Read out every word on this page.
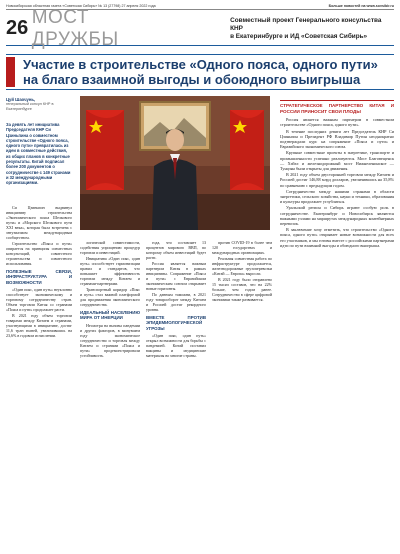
Новосибирская областная газета «Советская Сибирь» № 13 (27798) 27 апреля 2022 года	Больше новостей на www.sovsibir.ru
26 МОСТ ДРУЖБЫ
Совместный проект Генерального консульства КНР
в Екатеринбурге и ИД «Советская Сибирь»
Участие в строительстве «Одного пояса, одного пути»
на благо взаимной выгоды и обоюдного выигрыша
Цуй Шаочунь,
генеральный консул КНР в Екатеринбурге
За девять лет инициатива Председателя КНР Си Цзиньпина о совместном строительстве «Одного пояса, одного пути» превратилась из идеи в совместные действия, из общих планов в конкретные результаты. Китай подписал более 200 документов о сотрудничестве с 149 странами и 32 международными организациями.

Си Цзиньпин выдвинул инициативу строительства «Экономического пояса Шелкового пути» и «Морского Шелкового пути XXI века», которая была встречена с энтузиазмом международным сообществом.

Строительство «Пояса и пути» опирается на принципы совместных консультаций, совместного строительства и совместного использования.

ПОЛЕЗНЫЕ СВЯЗИ, ИНФРАСТРУКТУРА И ВОЗМОЖНОСТИ

«Один пояс, один путь» неуклонно способствует экономическому и торговому сотрудничеству стран. Объем торговли Китая со странами «Пояса и пути» продолжает расти.

В 2021 году объем торговли товарами между Китаем и странами, участвующими в инициативе, достиг 11,6 трлн юаней, увеличившись на 23,6% в годовом исчислении.

логической совместимости, содействия упрощению процедур торговли и инвестиций.

Инициатива «Один пояс, один путь» способствует гармонизации правил и стандартов, что повышает эффективность торговли между Китаем и странами-партнерами.

Транспортный коридор «Пояс и путь» стал важной платформой для продвижения экономического сотрудничества.

ИДЕАЛЬНЫЙ НАСЕЛЕНИЮ МИРА ОТ ИНЕРЦИИ

Несмотря на вызовы пандемии и других факторов, в минувшем году экономическое сотрудничество и торговля между Китаем и странами «Пояса и пути» продемонстрировали устойчивость.

года, что составляет 13 процентов мирового ВВП, по которому объем инвестиций будет расти.

Россия является важным партнером Китая в рамках инициативы. Сопряжение «Пояса и пути» с Евразийским экономическим союзом открывает новые горизонты.

По данным таможни, в 2021 году товарооборот между Китаем и Россией достиг рекордного уровня.

ВМЕСТЕ ПРОТИВ ЭПИДЕМИОЛОГИЧЕСКОЙ УГРОЗЫ

«Один пояс, один путь» открыл возможности для борьбы с пандемией. Китай поставил вакцины и медицинские материалы во многие страны.

против COVID-19 в более чем 120 государствах и международных организациях.

Реальная совместная работа по инфраструктуре продолжается, железнодорожные грузоперевозки «Китай — Европа» выросли.

В 2021 году было отправлено 15 тысяч составов, что на 22% больше, чем годом ранее. Сотрудничество в сфере цифровой экономики также развивается.

СТРАТЕГИЧЕСКОЕ ПАРТНЕРСТВО КИТАЯ И РОССИИ ПРИНОСИТ СВОИ ПЛОДЫ

Россия является важным партнером в совместном строительстве «Одного пояса, одного пути».

В течение последних девяти лет Председатель КНР Си Цзиньпин и Президент РФ Владимир Путин неоднократно подтверждали курс на сопряжение «Пояса и пути» и Евразийского экономического союза.

Крупные совместные проекты в энергетике, транспорте и промышленности успешно реализуются. Мост Благовещенск — Хэйхэ и железнодорожный мост Нижнеленинское — Тунцзян были открыты для движения.

В 2021 году объем двусторонней торговли между Китаем и Россией достиг 146,88 млрд долларов, увеличившись на 35,8% по сравнению с предыдущим годом.

Сотрудничество между нашими странами в области энергетики, сельского хозяйства, науки и техники, образования и культуры продолжает углубляться.

Уральский регион и Сибирь играют особую роль в сотрудничестве. Екатеринбург и Новосибирск являются важными узлами на маршрутах международных контейнерных перевозок.

В заключение хочу отметить, что строительство «Одного пояса, одного пути» открывает новые возможности для всех его участников, и мы готовы вместе с российскими партнерами идти по пути взаимной выгоды и обоюдного выигрыша.
